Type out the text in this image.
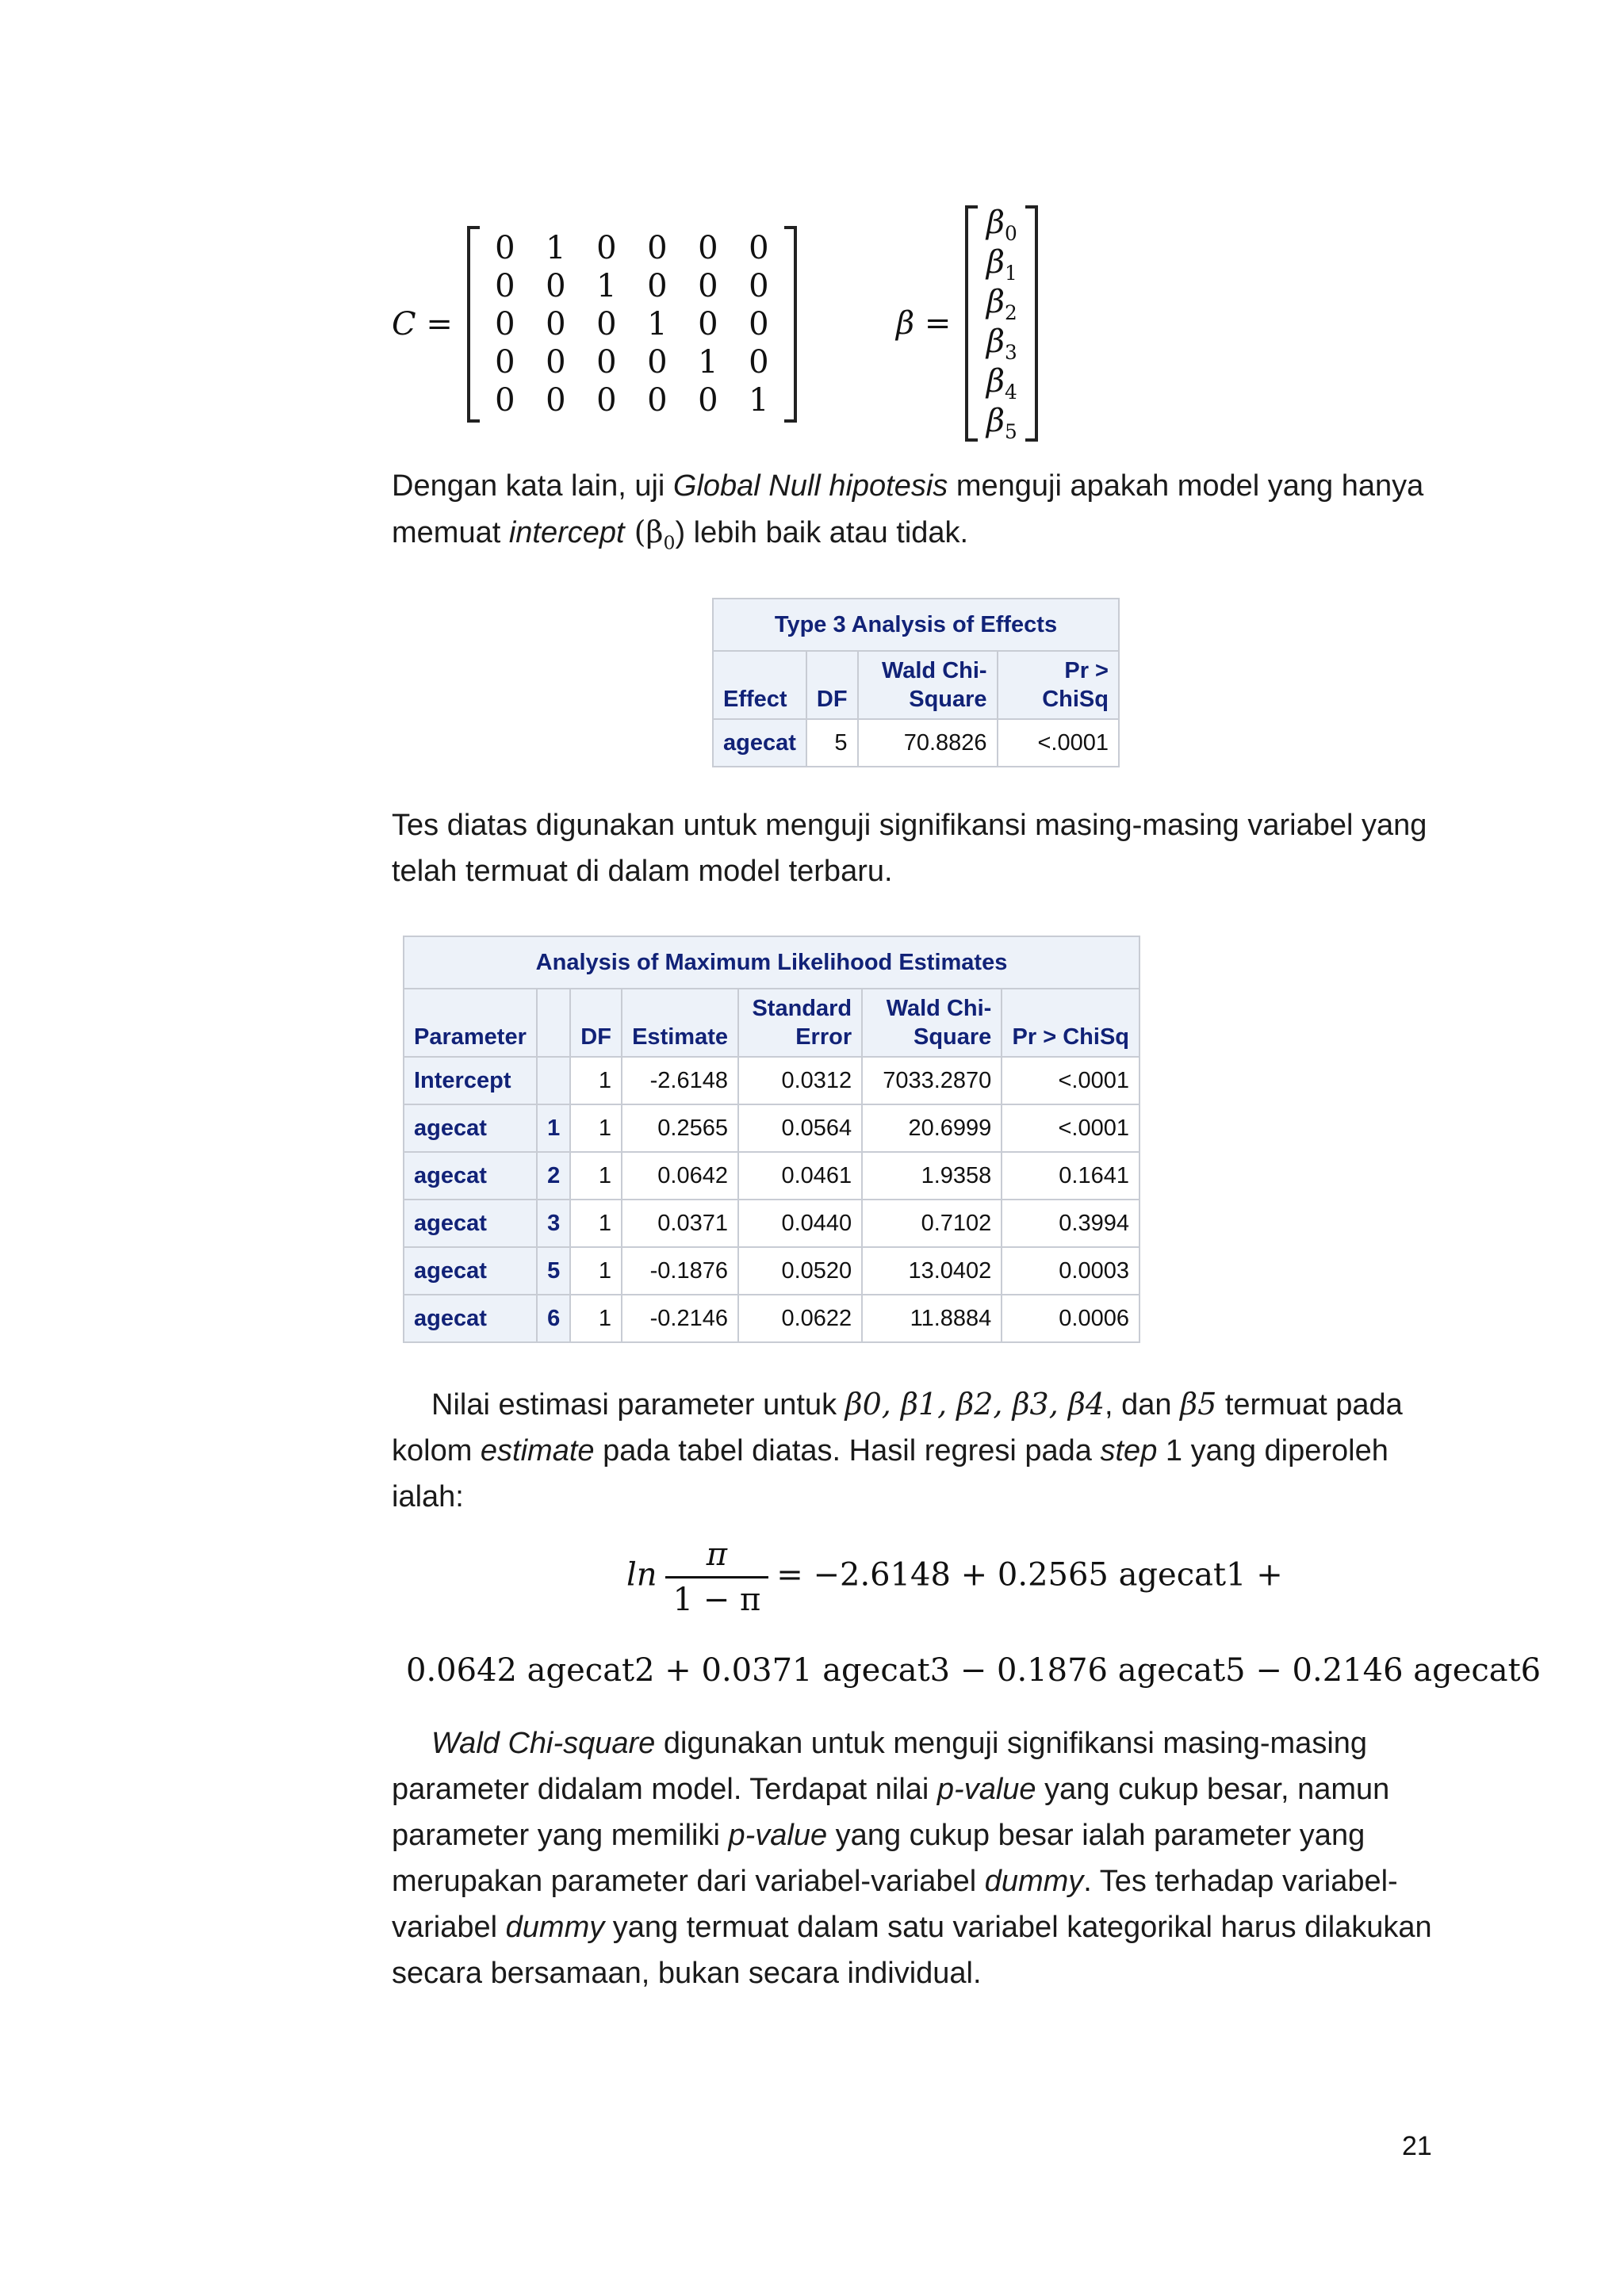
C =
0 1 0 0 0 0
0 0 1 0 0 0
0 0 0 1 0 0
0 0 0 0 1 0
0 0 0 0 0 1
β =
$\beta_0$
$\beta_1$
$\beta_2$
$\beta_3$
$\beta_4$
$\beta_5$
Dengan kata lain, uji Global Null hipotesis menguji apakah model yang hanya memuat intercept $(\beta_0)$ lebih baik atau tidak.
Type 3 Analysis of Effects			
Effect	DF	Wald Chi-Square	Pr > ChiSq
agecat	5	70.8826	<.0001
Tes diatas digunakan untuk menguji signifikansi masing-masing variabel yang telah termuat di dalam model terbaru.
Analysis of Maximum Likelihood Estimates						
Parameter		DF	Estimate	Standard Error	Wald Chi-Square	Pr > ChiSq
Intercept		1	-2.6148	0.0312	7033.2870	<.0001
agecat	1	1	0.2565	0.0564	20.6999	<.0001
agecat	2	1	0.0642	0.0461	1.9358	0.1641
agecat	3	1	0.0371	0.0440	0.7102	0.3994
agecat	5	1	-0.1876	0.0520	13.0402	0.0003
agecat	6	1	-0.2146	0.0622	11.8884	0.0006
Nilai estimasi parameter untuk β0, β1, β2, β3, β4, dan β5 termuat pada kolom estimate pada tabel diatas. Hasil regresi pada step 1 yang diperoleh ialah:
$\ln \frac{\pi}{1 - \pi} = -2.6148 + 0.2565$ agecat1 +
0.0642 agecat2 + 0.0371 agecat3 − 0.1876 agecat5 − 0.2146 agecat6
Wald Chi-square digunakan untuk menguji signifikansi masing-masing parameter didalam model. Terdapat nilai p-value yang cukup besar, namun parameter yang memiliki p-value yang cukup besar ialah parameter yang merupakan parameter dari variabel-variabel dummy. Tes terhadap variabel-variabel dummy yang termuat dalam satu variabel kategorikal harus dilakukan secara bersamaan, bukan secara individual.
21
